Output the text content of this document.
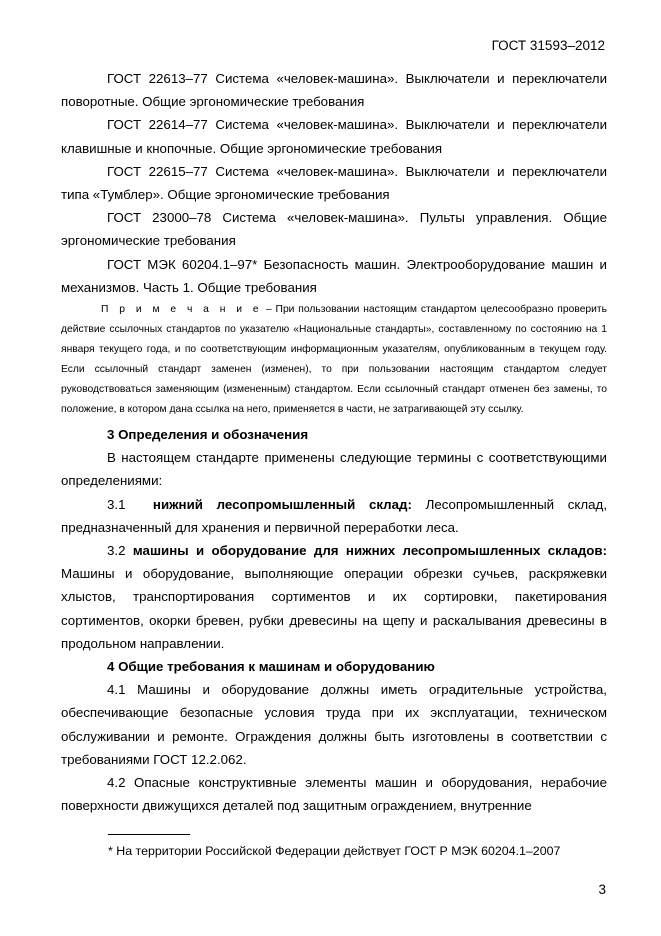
ГОСТ 31593–2012

ГОСТ 22613–77 Система «человек-машина». Выключатели и переключатели поворотные. Общие эргономические требования

ГОСТ 22614–77 Система «человек-машина». Выключатели и переключатели клавишные и кнопочные. Общие эргономические требования

ГОСТ 22615–77 Система «человек-машина». Выключатели и переключатели типа «Тумблер». Общие эргономические требования

ГОСТ 23000–78 Система «человек-машина». Пульты управления. Общие эргономические требования

ГОСТ МЭК 60204.1–97* Безопасность машин. Электрооборудование машин и механизмов. Часть 1. Общие требования

П р и м е ч а н и е – При пользовании настоящим стандартом целесообразно проверить действие ссылочных стандартов по указателю «Национальные стандарты», составленному по состоянию на 1 января текущего года, и по соответствующим информационным указателям, опубликованным в текущем году. Если ссылочный стандарт заменен (изменен), то при пользовании настоящим стандартом следует руководствоваться заменяющим (измененным) стандартом. Если ссылочный стандарт отменен без замены, то положение, в котором дана ссылка на него, применяется в части, не затрагивающей эту ссылку.

3 Определения и обозначения

В настоящем стандарте применены следующие термины с соответствующими определениями:

3.1 нижний лесопромышленный склад: Лесопромышленный склад, предназначенный для хранения и первичной переработки леса.

3.2 машины и оборудование для нижних лесопромышленных складов: Машины и оборудование, выполняющие операции обрезки сучьев, раскряжевки хлыстов, транспортирования сортиментов и их сортировки, пакетирования сортиментов, окорки бревен, рубки древесины на щепу и раскалывания древесины в продольном направлении.

4 Общие требования к машинам и оборудованию

4.1 Машины и оборудование должны иметь оградительные устройства, обеспечивающие безопасные условия труда при их эксплуатации, техническом обслуживании и ремонте. Ограждения должны быть изготовлены в соответствии с требованиями ГОСТ 12.2.062.

4.2 Опасные конструктивные элементы машин и оборудования, нерабочие поверхности движущихся деталей под защитным ограждением, внутренние

* На территории Российской Федерации действует ГОСТ Р МЭК 60204.1–2007
3
